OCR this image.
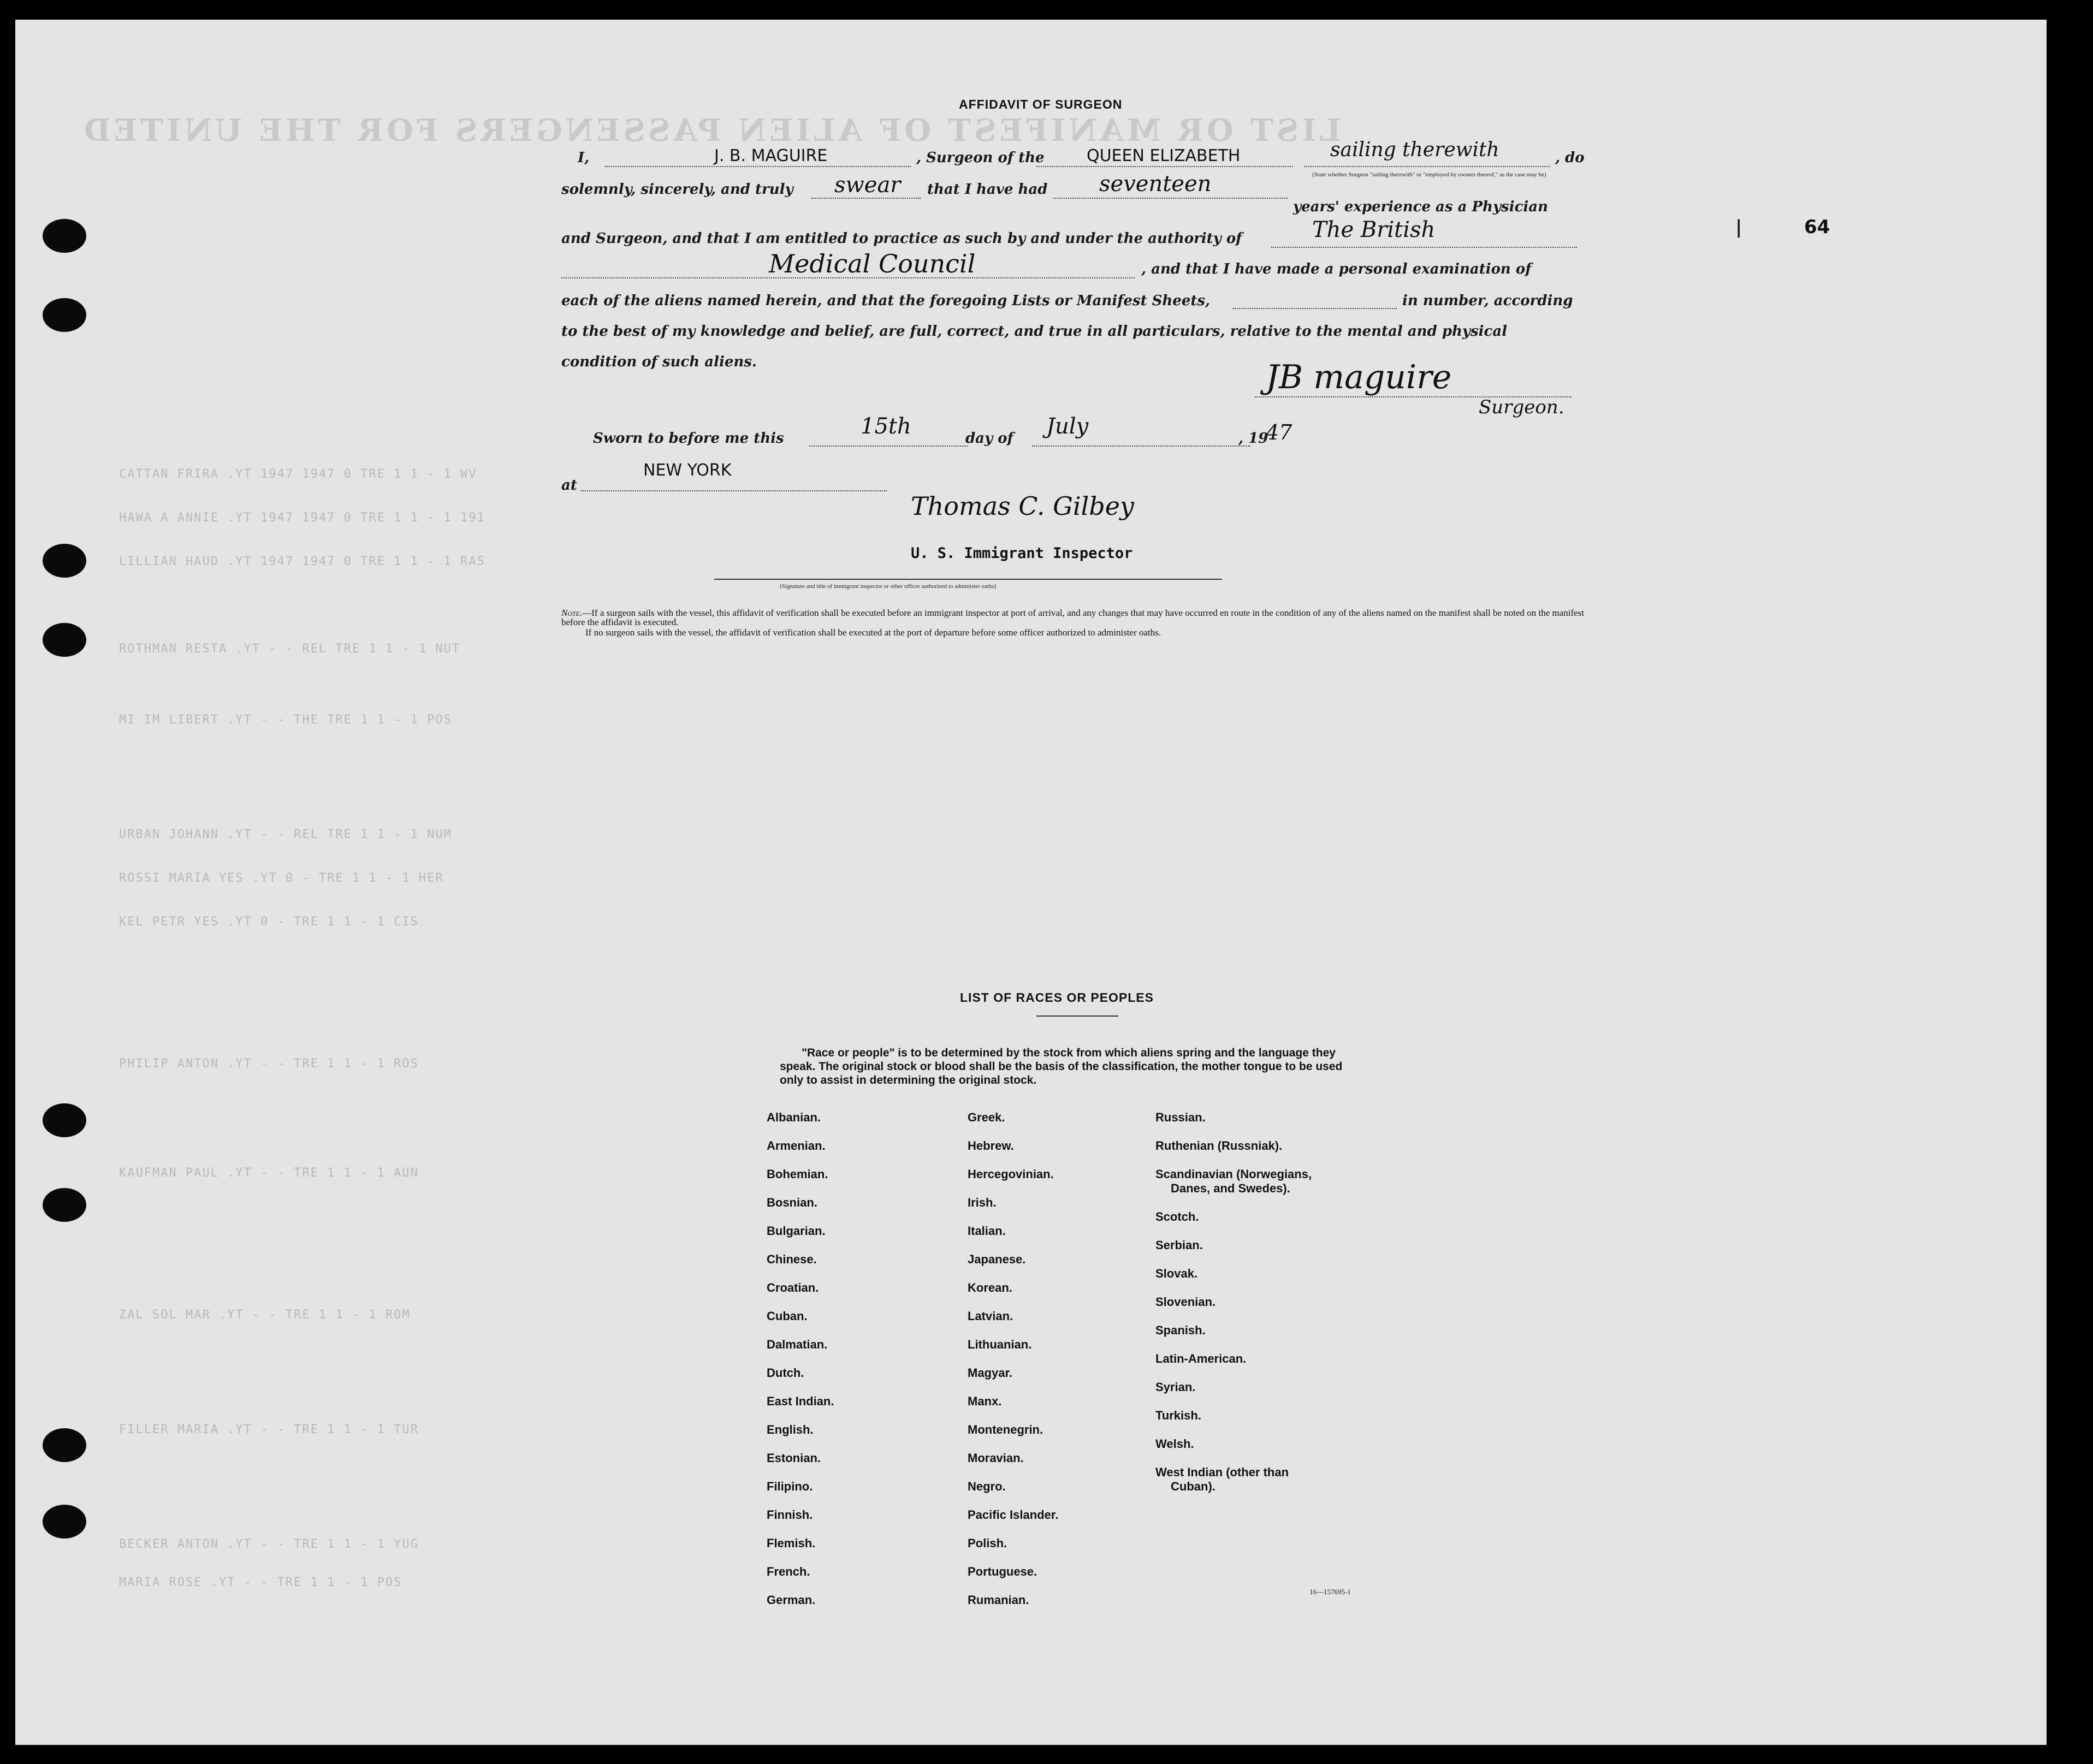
LIST OR MANIFEST OF ALIEN PASSENGERS FOR THE UNITED
CATTAN FRIRA .YT 1947 1947 0 TRE 1 1 - 1 WV
HAWA A ANNIE .YT 1947 1947 0 TRE 1 1 - 1 191
LILLIAN HAUD .YT 1947 1947 0 TRE 1 1 - 1 RAS
ROTHMAN RESTA .YT - - REL TRE 1 1 - 1 NUT
MI IM LIBERT .YT - - THE TRE 1 1 - 1 POS
URBAN JOHANN .YT - - REL TRE 1 1 - 1 NUM
ROSSI MARIA YES .YT 0 - TRE 1 1 - 1 HER
KEL PETR YES .YT 0 - TRE 1 1 - 1 CIS
PHILIP ANTON .YT - - TRE 1 1 - 1 ROS
KAUFMAN PAUL .YT - - TRE 1 1 - 1 AUN
ZAL SOL MAR .YT - - TRE 1 1 - 1 ROM
FILLER MARIA .YT - - TRE 1 1 - 1 TUR
BECKER ANTON .YT - - TRE 1 1 - 1 YUG
MARIA ROSE .YT - - TRE 1 1 - 1 POS
AFFIDAVIT OF SURGEON
I,	J. B. MAGUIRE	, Surgeon of the	QUEEN ELIZABETH	sailing therewith	, do
(State whether Surgeon "sailing therewith" or "employed by owners thereof," as the case may be)
solemnly, sincerely, and truly swear that I have had seventeen
years' experience as a Physician
and Surgeon, and that I am entitled to practice as such by and under the authority of	The British
Medical Council	, and that I have made a personal examination of
each of the aliens named herein, and that the foregoing Lists or Manifest Sheets,	in number, according
to the best of my knowledge and belief, are full, correct, and true in all particulars, relative to the mental and physical
condition of such aliens.	JB maguire
Surgeon.
Sworn to before me this	15th	day of July	, 19
47
at
NEW YORK
Thomas C. Gilbey
U. S. Immigrant Inspector
(Signature and title of immigrant inspector or other officer authorized to administer oaths)
Note.—If a surgeon sails with the vessel, this affidavit of verification shall be executed before an immigrant inspector at port of arrival, and any changes that may have occurred en route in the condition of any of the aliens named on the manifest shall be noted on the manifest before the affidavit is executed.
If no surgeon sails with the vessel, the affidavit of verification shall be executed at the port of departure before some officer authorized to administer oaths.
64
|
LIST OF RACES OR PEOPLES
"Race or people" is to be determined by the stock from which aliens spring and the language they speak. The original stock or blood shall be the basis of the classification, the mother tongue to be used only to assist in determining the original stock.
Albanian.
Armenian.
Bohemian.
Bosnian.
Bulgarian.
Chinese.
Croatian.
Cuban.
Dalmatian.
Dutch.
East Indian.
English.
Estonian.
Filipino.
Finnish.
Flemish.
French.
German.
Greek.
Hebrew.
Hercegovinian.
Irish.
Italian.
Japanese.
Korean.
Latvian.
Lithuanian.
Magyar.
Manx.
Montenegrin.
Moravian.
Negro.
Pacific Islander.
Polish.
Portuguese.
Rumanian.
Russian.
Ruthenian (Russniak).
Scandinavian (Norwegians,
Danes, and Swedes).
Scotch.
Serbian.
Slovak.
Slovenian.
Spanish.
Latin-American.
Syrian.
Turkish.
Welsh.
West Indian (other than
Cuban).
16—157695-1
